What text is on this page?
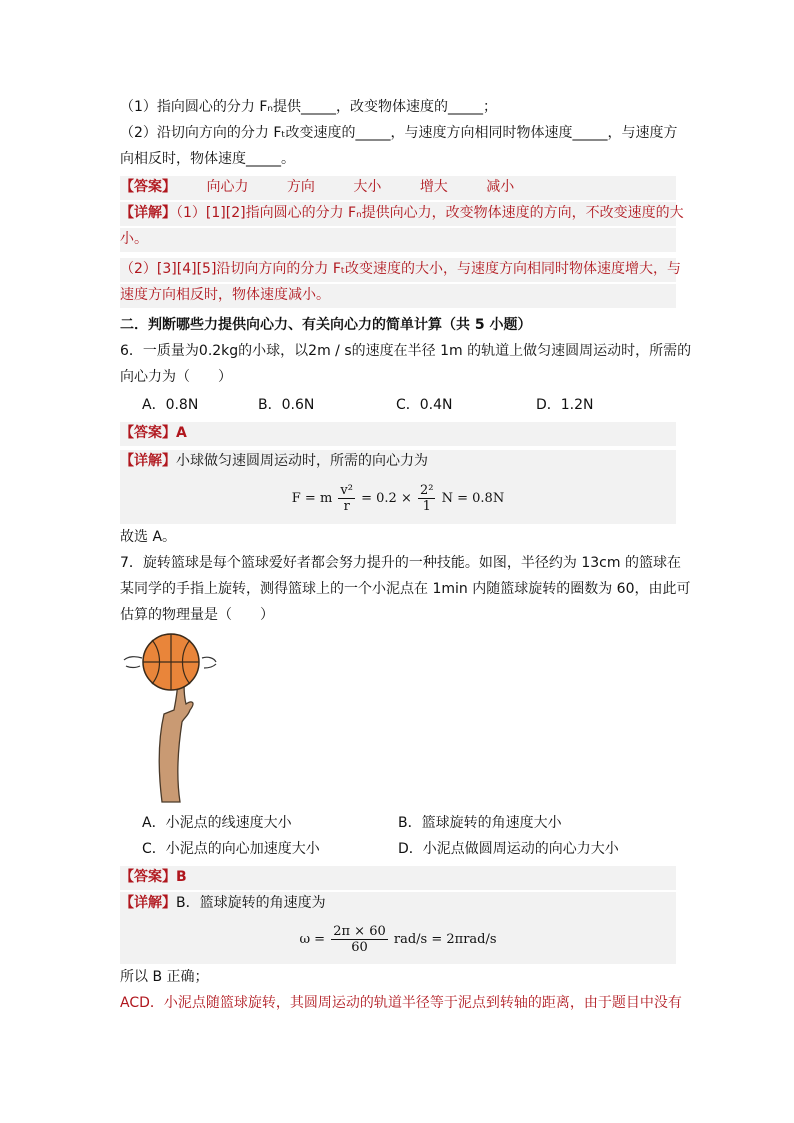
（1）指向圆心的分力 Fₙ提供_____，改变物体速度的_____；
（2）沿切向方向的分力 Fₜ改变速度的_____，与速度方向相同时物体速度_____，与速度方
向相反时，物体速度_____。
【答案】 向心力	方向	大小	增大	减小
【详解】（1）[1][2]指向圆心的分力 Fₙ提供向心力，改变物体速度的方向，不改变速度的大
小。
（2）[3][4][5]沿切向方向的分力 Fₜ改变速度的大小，与速度方向相同时物体速度增大，与
速度方向相反时，物体速度减小。
二．判断哪些力提供向心力、有关向心力的简单计算（共 5 小题）
6．一质量为0.2kg的小球，以2m / s的速度在半径 1m 的轨道上做匀速圆周运动时，所需的
向心力为（　　）
A．0.8N	B．0.6N	C．0.4N	D．1.2N
【答案】A
【详解】小球做匀速圆周运动时，所需的向心力为
F = m $\frac{\text{v²}}{r} = 0.2 \times \frac{\text{2²}}{1}$ N = 0.8N
故选 A。
7．旋转篮球是每个篮球爱好者都会努力提升的一种技能。如图，半径约为 13cm 的篮球在
某同学的手指上旋转，测得篮球上的一个小泥点在 1min 内随篮球旋转的圈数为 60，由此可
估算的物理量是（　　）
A．小泥点的线速度大小	B．篮球旋转的角速度大小
C．小泥点的向心加速度大小	D．小泥点做圆周运动的向心力大小
【答案】B
【详解】B．篮球旋转的角速度为
$\omega = \frac{2\pi \times 60}{60} rad/s = 2\pi rad/s$
所以 B 正确；
ACD．小泥点随篮球旋转，其圆周运动的轨道半径等于泥点到转轴的距离，由于题目中没有
